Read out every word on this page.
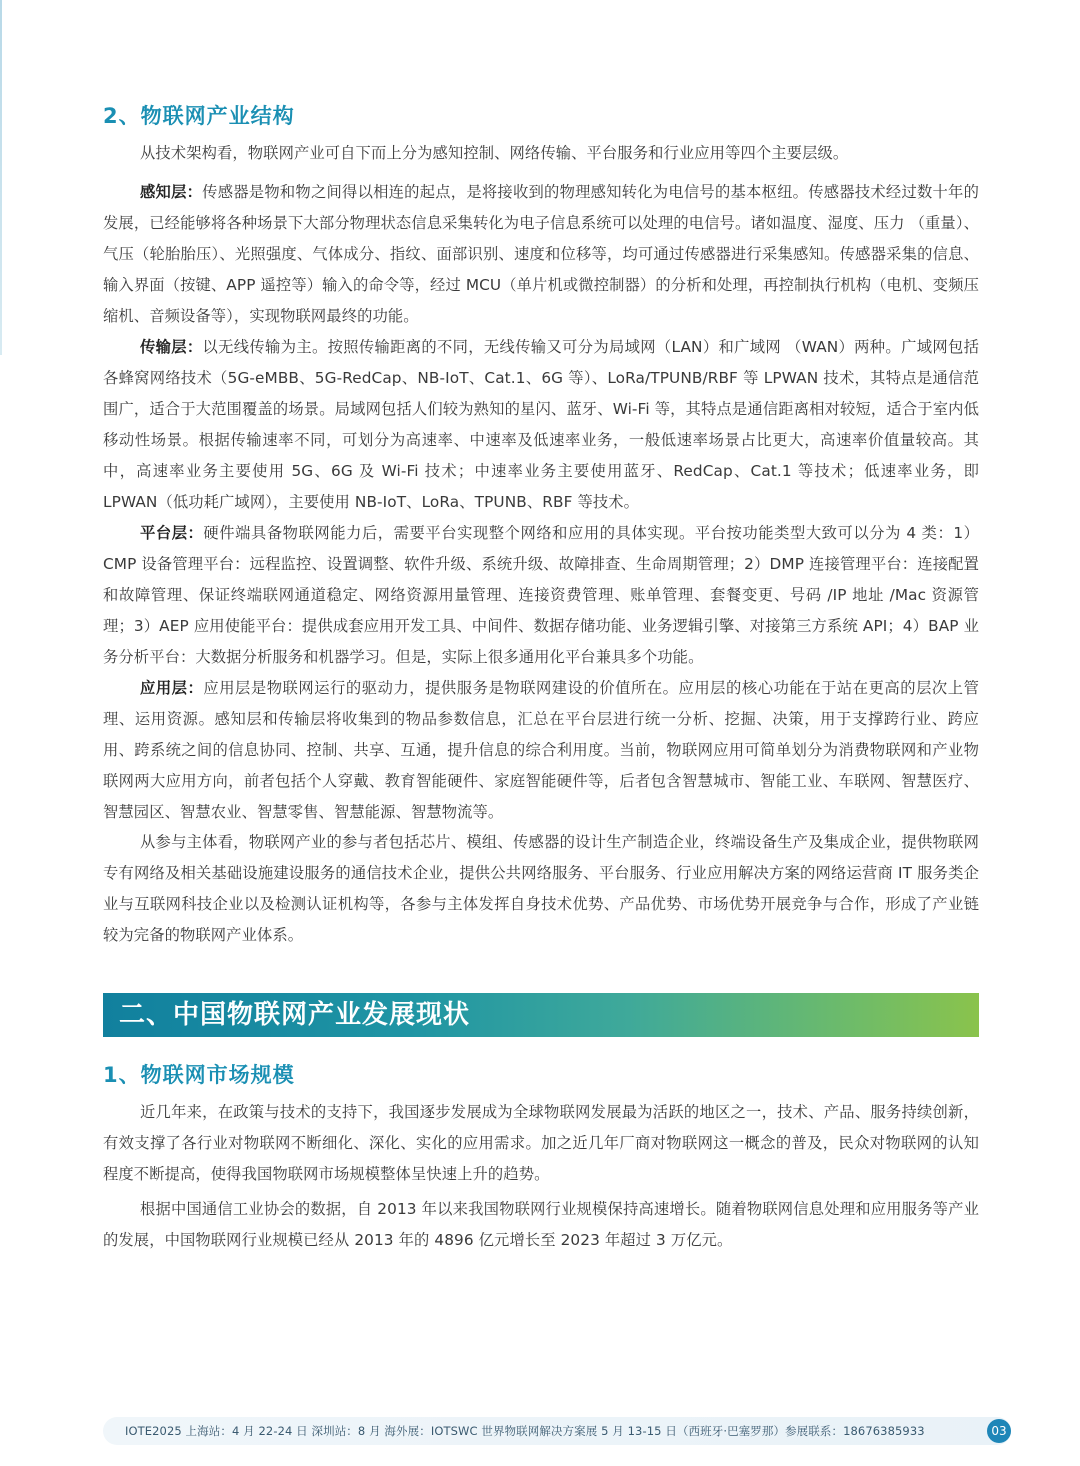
2、物联网产业结构

从技术架构看，物联网产业可自下而上分为感知控制、网络传输、平台服务和行业应用等四个主要层级。

感知层：传感器是物和物之间得以相连的起点，是将接收到的物理感知转化为电信号的基本枢纽。传感器技术经过数十年的发展，已经能够将各种场景下大部分物理状态信息采集转化为电子信息系统可以处理的电信号。诸如温度、湿度、压力 （重量）、气压（轮胎胎压）、光照强度、气体成分、指纹、面部识别、速度和位移等，均可通过传感器进行采集感知。传感器采集的信息、输入界面（按键、APP 遥控等）输入的命令等，经过 MCU（单片机或微控制器）的分析和处理，再控制执行机构（电机、变频压缩机、音频设备等），实现物联网最终的功能。

传输层：以无线传输为主。按照传输距离的不同，无线传输又可分为局域网（LAN）和广域网 （WAN）两种。广域网包括各蜂窝网络技术（5G-eMBB、5G-RedCap、NB-IoT、Cat.1、6G 等）、LoRa/TPUNB/RBF 等 LPWAN 技术，其特点是通信范围广，适合于大范围覆盖的场景。局域网包括人们较为熟知的星闪、蓝牙、Wi-Fi 等，其特点是通信距离相对较短，适合于室内低移动性场景。根据传输速率不同，可划分为高速率、中速率及低速率业务，一般低速率场景占比更大，高速率价值量较高。其中，高速率业务主要使用 5G、6G 及 Wi-Fi 技术；中速率业务主要使用蓝牙、RedCap、Cat.1 等技术；低速率业务，即 LPWAN（低功耗广域网），主要使用 NB-IoT、LoRa、TPUNB、RBF 等技术。

平台层：硬件端具备物联网能力后，需要平台实现整个网络和应用的具体实现。平台按功能类型大致可以分为 4 类：1）CMP 设备管理平台：远程监控、设置调整、软件升级、系统升级、故障排查、生命周期管理；2）DMP 连接管理平台：连接配置和故障管理、保证终端联网通道稳定、网络资源用量管理、连接资费管理、账单管理、套餐变更、号码 /IP 地址 /Mac 资源管理；3）AEP 应用使能平台：提供成套应用开发工具、中间件、数据存储功能、业务逻辑引擎、对接第三方系统 API；4）BAP 业务分析平台：大数据分析服务和机器学习。但是，实际上很多通用化平台兼具多个功能。

应用层：应用层是物联网运行的驱动力，提供服务是物联网建设的价值所在。应用层的核心功能在于站在更高的层次上管理、运用资源。感知层和传输层将收集到的物品参数信息，汇总在平台层进行统一分析、挖掘、决策，用于支撑跨行业、跨应用、跨系统之间的信息协同、控制、共享、互通，提升信息的综合利用度。当前，物联网应用可简单划分为消费物联网和产业物联网两大应用方向，前者包括个人穿戴、教育智能硬件、家庭智能硬件等，后者包含智慧城市、智能工业、车联网、智慧医疗、智慧园区、智慧农业、智慧零售、智慧能源、智慧物流等。

从参与主体看，物联网产业的参与者包括芯片、模组、传感器的设计生产制造企业，终端设备生产及集成企业，提供物联网专有网络及相关基础设施建设服务的通信技术企业，提供公共网络服务、平台服务、行业应用解决方案的网络运营商 IT 服务类企业与互联网科技企业以及检测认证机构等，各参与主体发挥自身技术优势、产品优势、市场优势开展竞争与合作，形成了产业链较为完备的物联网产业体系。

二、中国物联网产业发展现状
1、物联网市场规模

近几年来，在政策与技术的支持下，我国逐步发展成为全球物联网发展最为活跃的地区之一，技术、产品、服务持续创新，有效支撑了各行业对物联网不断细化、深化、实化的应用需求。加之近几年厂商对物联网这一概念的普及，民众对物联网的认知程度不断提高，使得我国物联网市场规模整体呈快速上升的趋势。

根据中国通信工业协会的数据，自 2013 年以来我国物联网行业规模保持高速增长。随着物联网信息处理和应用服务等产业的发展，中国物联网行业规模已经从 2013 年的 4896 亿元增长至 2023 年超过 3 万亿元。

IOTE2025 上海站：4 月 22-24 日 深圳站：8 月 海外展：IOTSWC 世界物联网解决方案展 5 月 13-15 日（西班牙·巴塞罗那）参展联系：18676385933	03
